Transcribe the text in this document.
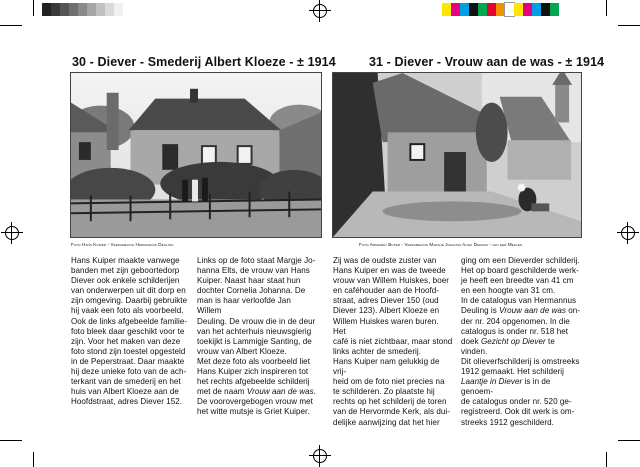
30 - Diever - Smederij Albert Kloeze - ± 1914	31 - Diever - Vrouw aan de was - ± 1914
Foto Hans Kuiper - Verzameling Hermannus Deuling	Foto Armando Buter - Verzameling Margje Johanna Alida Dekker - van der Meulen

Hans Kuiper maakte vanwege

banden met zijn geboortedorp

Diever ook enkele schilderijen

van onderwerpen uit dit dorp en

zijn omgeving. Daarbij gebruikte

hij vaak een foto als voorbeeld.

Ook de links afgebeelde familie-

foto bleek daar geschikt voor te

zijn. Voor het maken van deze

foto stond zijn toestel opgesteld

in de Peperstraat. Daar maakte

hij deze unieke foto van de ach-

terkant van de smederij en het

huis van Albert Kloeze aan de

Hoofdstraat, adres Diever 152.

Links op de foto staat Margje Jo-

hanna Elts, de vrouw van Hans

Kuiper. Naast haar staat hun

dochter Cornelia Johanna. De

man is haar verloofde Jan Willem

Deuling. De vrouw die in de deur

van het achterhuis nieuwsgierig

toekijkt is Lammigje Santing, de

vrouw van Albert Kloeze.

Met deze foto als voorbeeld liet

Hans Kuiper zich inspireren tot

het rechts afgebeelde schilderij

met de naam Vrouw aan de was.

De voorovergebogen vrouw met

het witte mutsje is Griet Kuiper.

Zij was de oudste zuster van

Hans Kuiper en was de tweede

vrouw van Willem Huiskes, boer

en caféhouder aan de Hoofd-

straat, adres Diever 150 (oud

Diever 123). Albert Kloeze en

Willem Huiskes waren buren. Het

café is niet zichtbaar, maar stond

links achter de smederij.

Hans Kuiper nam gelukkig de vrij-

heid om de foto niet precies na

te schilderen. Zo plaatste hij

rechts op het schilderij de toren

van de Hervormde Kerk, als dui-

delijke aanwijzing dat het hier

ging om een Dieverder schilderij.

Het op board geschilderde werk-

je heeft een breedte van 41 cm

en een hoogte van 31 cm.

In de catalogus van Hermannus

Deuling is Vrouw aan de was on-

der nr. 204 opgenomen. In die

catalogus is onder nr. 518 het

doek Gezicht op Diever te vinden.

Dit olieverfschilderij is omstreeks

1912 gemaakt. Het schilderij

Laantje in Diever is in de genoem-

de catalogus onder nr. 520 ge-

registreerd. Ook dit werk is om-

streeks 1912 geschilderd.
